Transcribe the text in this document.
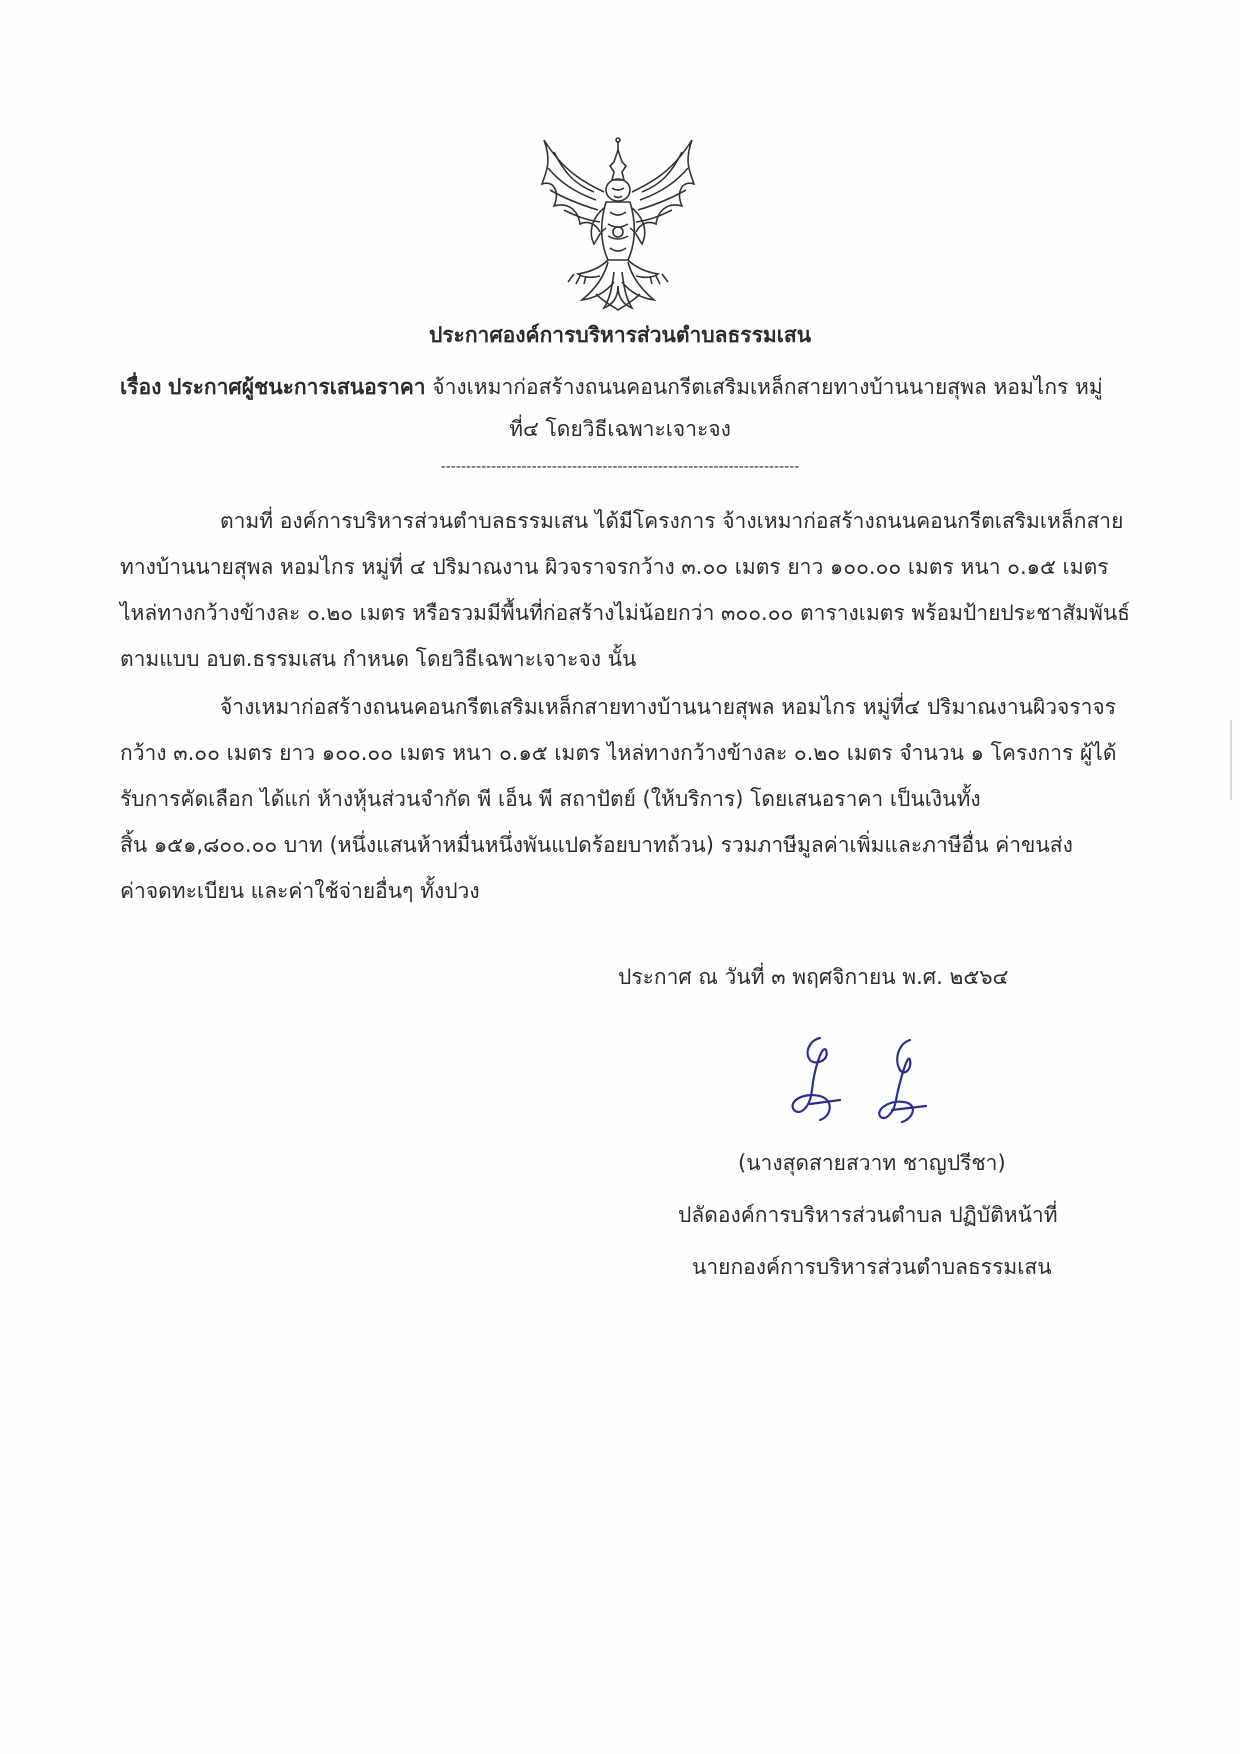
ประกาศองค์การบริหารส่วนตำบลธรรมเสน
เรื่อง ประกาศผู้ชนะการเสนอราคา จ้างเหมาก่อสร้างถนนคอนกรีตเสริมเหล็กสายทางบ้านนายสุพล หอมไกร หมู่
ที่๔ โดยวิธีเฉพาะเจาะจง
-----------------------------------------------------------------------
ตามที่ องค์การบริหารส่วนตำบลธรรมเสน ได้มีโครงการ จ้างเหมาก่อสร้างถนนคอนกรีตเสริมเหล็กสาย
ทางบ้านนายสุพล หอมไกร หมู่ที่ ๔ ปริมาณงาน ผิวจราจรกว้าง ๓.๐๐ เมตร ยาว ๑๐๐.๐๐ เมตร หนา ๐.๑๕ เมตร
ไหล่ทางกว้างข้างละ ๐.๒๐ เมตร หรือรวมมีพื้นที่ก่อสร้างไม่น้อยกว่า ๓๐๐.๐๐ ตารางเมตร พร้อมป้ายประชาสัมพันธ์
ตามแบบ อบต.ธรรมเสน กำหนด โดยวิธีเฉพาะเจาะจง นั้น
จ้างเหมาก่อสร้างถนนคอนกรีตเสริมเหล็กสายทางบ้านนายสุพล หอมไกร หมู่ที่๔ ปริมาณงานผิวจราจร
กว้าง ๓.๐๐ เมตร ยาว ๑๐๐.๐๐ เมตร หนา ๐.๑๕ เมตร ไหล่ทางกว้างข้างละ ๐.๒๐ เมตร จำนวน ๑ โครงการ ผู้ได้
รับการคัดเลือก ได้แก่ ห้างหุ้นส่วนจำกัด พี เอ็น พี สถาปัตย์ (ให้บริการ) โดยเสนอราคา เป็นเงินทั้ง
สิ้น ๑๕๑,๘๐๐.๐๐ บาท (หนึ่งแสนห้าหมื่นหนึ่งพันแปดร้อยบาทถ้วน) รวมภาษีมูลค่าเพิ่มและภาษีอื่น ค่าขนส่ง
ค่าจดทะเบียน และค่าใช้จ่ายอื่นๆ ทั้งปวง
ประกาศ ณ วันที่ ๓ พฤศจิกายน พ.ศ. ๒๕๖๔
(นางสุดสายสวาท ชาญปรีชา)
ปลัดองค์การบริหารส่วนตำบล ปฏิบัติหน้าที่
นายกองค์การบริหารส่วนตำบลธรรมเสน
